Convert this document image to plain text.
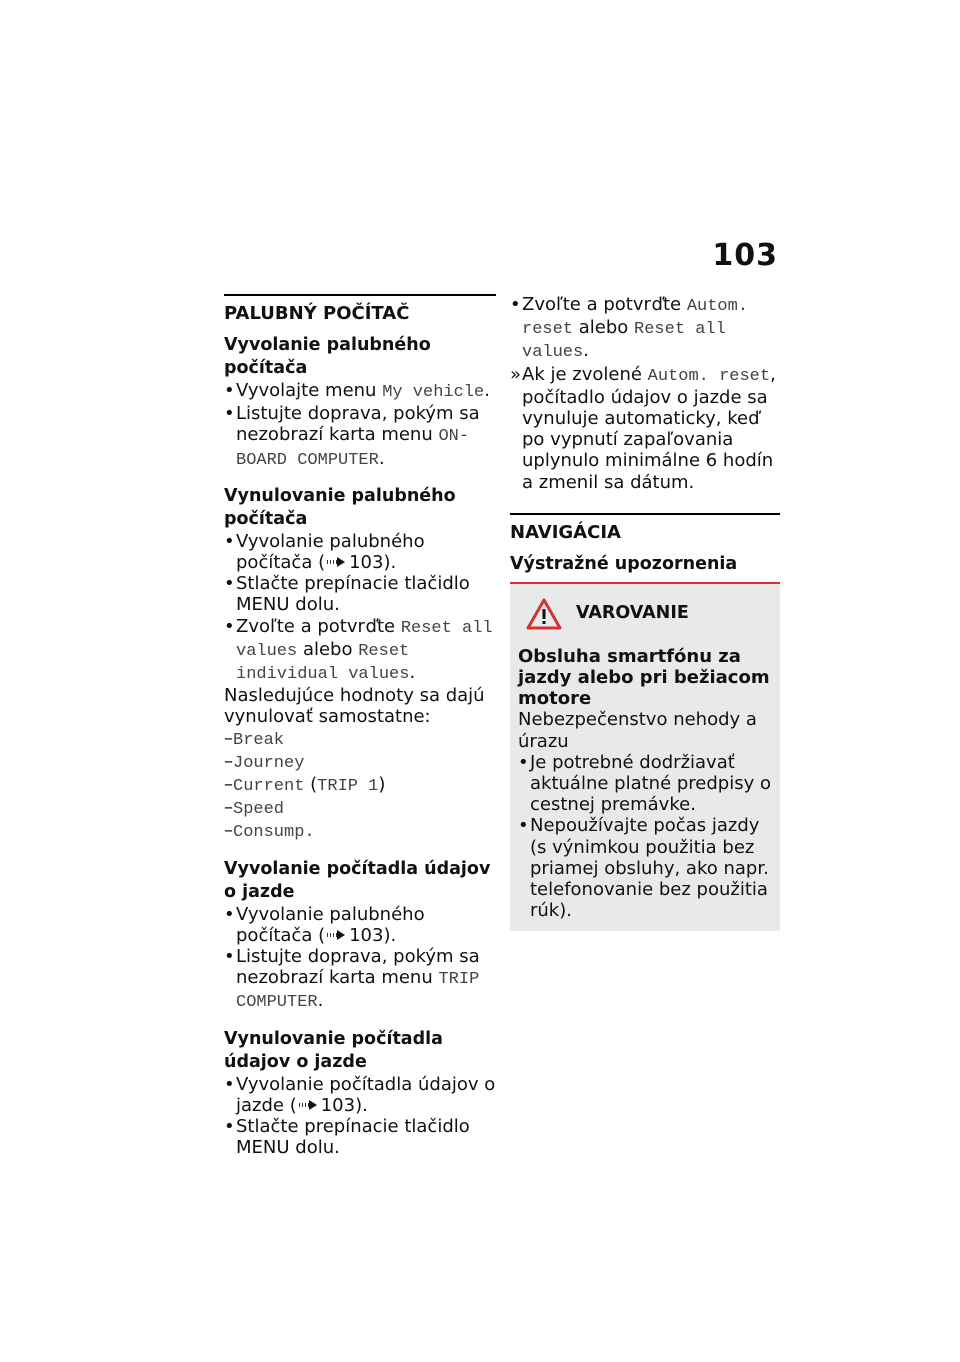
103
PALUBNÝ POČÍTAČ
Vyvolanie palubného počítača

• Vyvolajte menu My vehicle.

• Listujte doprava, pokým sa nezobrazí karta menu ON-BOARD COMPUTER.

Vynulovanie palubného počítača

• Vyvolanie palubného počítača ( 103).

• Stlačte prepínacie tlačidlo MENU dolu.

• Zvoľte a potvrďte Reset all values alebo Reset individual values.

Nasledujúce hodnoty sa dajú vynulovať samostatne:

–Break

–Journey

–Current (TRIP 1)

–Speed

–Consump.

Vyvolanie počítadla údajov o jazde

• Vyvolanie palubného počítača ( 103).

• Listujte doprava, pokým sa nezobrazí karta menu TRIP COMPUTER.

Vynulovanie počítadla údajov o jazde

• Vyvolanie počítadla údajov o jazde ( 103).

• Stlačte prepínacie tlačidlo MENU dolu.

• Zvoľte a potvrďte Autom. reset alebo Reset all values.

» Ak je zvolené Autom. reset, počítadlo údajov o jazde sa vynuluje automaticky, keď po vypnutí zapaľovania uplynulo minimálne 6 hodín a zmenil sa dátum.

NAVIGÁCIA
Výstražné upozornenia
VAROVANIE

Obsluha smartfónu za jazdy alebo pri bežiacom motore

Nebezpečenstvo nehody a úrazu

• Je potrebné dodržiavať aktuálne platné predpisy o cestnej premávke.

• Nepoužívajte počas jazdy (s výnimkou použitia bez priamej obsluhy, ako napr. telefonovanie bez použitia rúk).
